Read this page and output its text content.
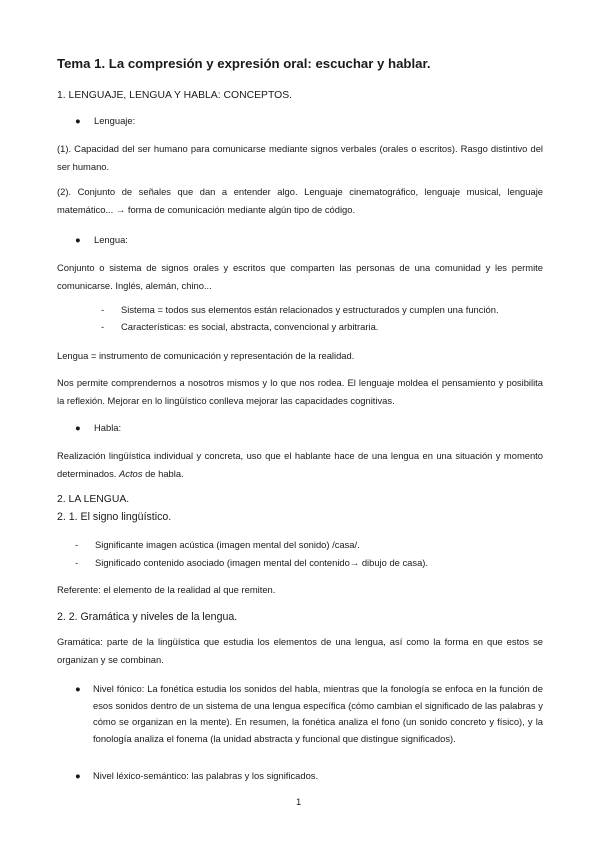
Tema 1. La compresión y expresión oral: escuchar y hablar.
1. LENGUAJE, LENGUA Y HABLA: CONCEPTOS.
● Lenguaje:

(1). Capacidad del ser humano para comunicarse mediante signos verbales (orales o escritos). Rasgo distintivo del ser humano.

(2). Conjunto de señales que dan a entender algo. Lenguaje cinematográfico, lenguaje musical, lenguaje matemático... → forma de comunicación mediante algún tipo de código.

● Lengua:

Conjunto o sistema de signos orales y escritos que comparten las personas de una comunidad y les permite comunicarse. Inglés, alemán, chino...

- Sistema = todos sus elementos están relacionados y estructurados y cumplen una función.
- Características: es social, abstracta, convencional y arbitraria.
Lengua = instrumento de comunicación y representación de la realidad.

Nos permite comprendernos a nosotros mismos y lo que nos rodea. El lenguaje moldea el pensamiento y posibilita la reflexión. Mejorar en lo lingüístico conlleva mejorar las capacidades cognitivas.

● Habla:

Realización lingüística individual y concreta, uso que el hablante hace de una lengua en una situación y momento determinados. Actos de habla.

2. LA LENGUA.
2. 1. El signo lingüístico.
- Significante imagen acústica (imagen mental del sonido) /casa/.
- Significado contenido asociado (imagen mental del contenido→ dibujo de casa).
Referente: el elemento de la realidad al que remiten.
2. 2. Gramática y niveles de la lengua.

Gramática: parte de la lingüística que estudia los elementos de una lengua, así como la forma en que estos se organizan y se combinan.

● Nivel fónico: La fonética estudia los sonidos del habla, mientras que la fonología se enfoca en la función de esos sonidos dentro de un sistema de una lengua específica (cómo cambian el significado de las palabras y cómo se organizan en la mente). En resumen, la fonética analiza el fono (un sonido concreto y físico), y la fonología analiza el fonema (la unidad abstracta y funcional que distingue significados).
● Nivel léxico-semántico: las palabras y los significados.
1
